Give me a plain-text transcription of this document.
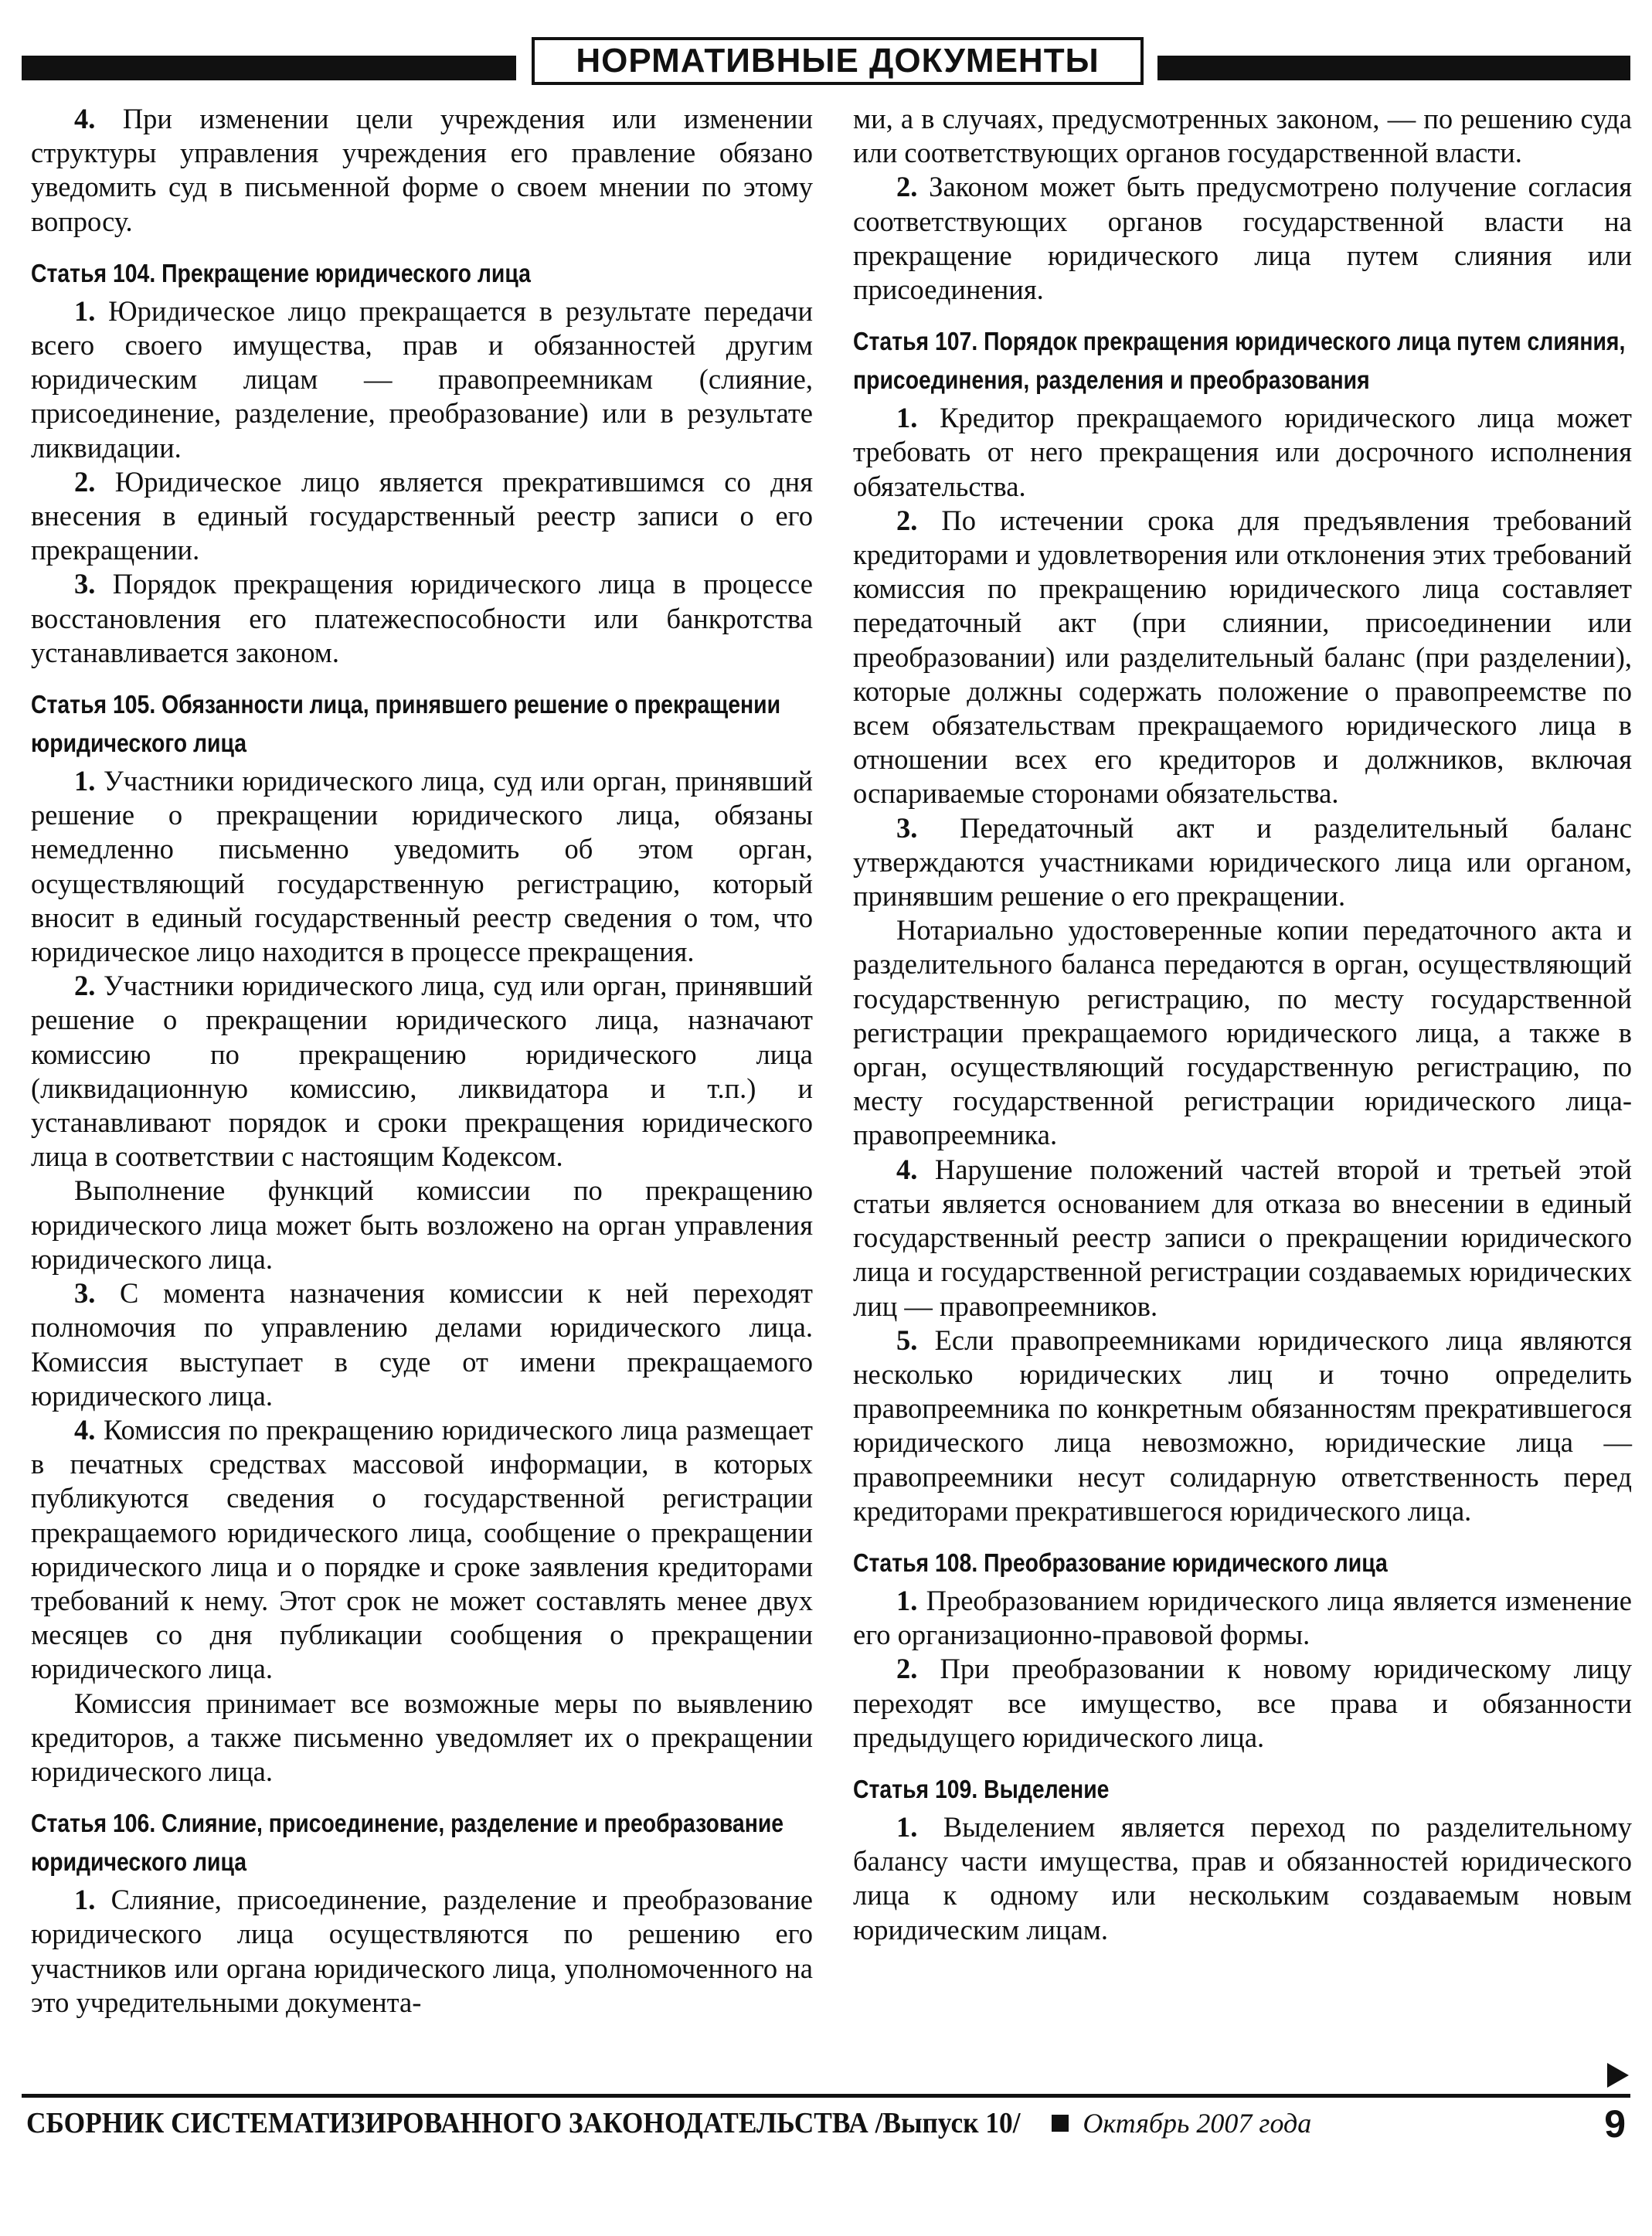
НОРМАТИВНЫЕ ДОКУМЕНТЫ

4. При изменении цели учреждения или изменении структуры управления учреждения его правление обязано уведомить суд в письменной форме о своем мнении по этому вопросу.

Статья 104. Прекращение юридического лица

1. Юридическое лицо прекращается в результате передачи всего своего имущества, прав и обязанностей другим юридическим лицам — правопреемникам (слияние, присоединение, разделение, преобразование) или в результате ликвидации.

2. Юридическое лицо является прекратившимся со дня внесения в единый государственный реестр записи о его прекращении.

3. Порядок прекращения юридического лица в процессе восстановления его платежеспособности или банкротства устанавливается законом.

Статья 105. Обязанности лица, принявшего решение о прекращении юридического лица

1. Участники юридического лица, суд или орган, принявший решение о прекращении юридического лица, обязаны немедленно письменно уведомить об этом орган, осуществляющий государственную регистрацию, который вносит в единый государственный реестр сведения о том, что юридическое лицо находится в процессе прекращения.

2. Участники юридического лица, суд или орган, принявший решение о прекращении юридического лица, назначают комиссию по прекращению юридического лица (ликвидационную комиссию, ликвидатора и т.п.) и устанавливают порядок и сроки прекращения юридического лица в соответствии с настоящим Кодексом.

Выполнение функций комиссии по прекращению юридического лица может быть возложено на орган управления юридического лица.

3. С момента назначения комиссии к ней переходят полномочия по управлению делами юридического лица. Комиссия выступает в суде от имени прекращаемого юридического лица.

4. Комиссия по прекращению юридического лица размещает в печатных средствах массовой информации, в которых публикуются сведения о государственной регистрации прекращаемого юридического лица, сообщение о прекращении юридического лица и о порядке и сроке заявления кредиторами требований к нему. Этот срок не может составлять менее двух месяцев со дня публикации сообщения о прекращении юридического лица.

Комиссия принимает все возможные меры по выявлению кредиторов, а также письменно уведомляет их о прекращении юридического лица.

Статья 106. Слияние, присоединение, разделение и преобразование юридического лица

1. Слияние, присоединение, разделение и преобразование юридического лица осуществляются по решению его участников или органа юридического лица, уполномоченного на это учредительными документа-

ми, а в случаях, предусмотренных законом, — по решению суда или соответствующих органов государственной власти.

2. Законом может быть предусмотрено получение согласия соответствующих органов государственной власти на прекращение юридического лица путем слияния или присоединения.

Статья 107. Порядок прекращения юридического лица путем слияния, присоединения, разделения и преобразования

1. Кредитор прекращаемого юридического лица может требовать от него прекращения или досрочного исполнения обязательства.

2. По истечении срока для предъявления требований кредиторами и удовлетворения или отклонения этих требований комиссия по прекращению юридического лица составляет передаточный акт (при слиянии, присоединении или преобразовании) или разделительный баланс (при разделении), которые должны содержать положение о правопреемстве по всем обязательствам прекращаемого юридического лица в отношении всех его кредиторов и должников, включая оспариваемые сторонами обязательства.

3. Передаточный акт и разделительный баланс утверждаются участниками юридического лица или органом, принявшим решение о его прекращении.

Нотариально удостоверенные копии передаточного акта и разделительного баланса передаются в орган, осуществляющий государственную регистрацию, по месту государственной регистрации прекращаемого юридического лица, а также в орган, осуществляющий государственную регистрацию, по месту государственной регистрации юридического лица-правопреемника.

4. Нарушение положений частей второй и третьей этой статьи является основанием для отказа во внесении в единый государственный реестр записи о прекращении юридического лица и государственной регистрации создаваемых юридических лиц — правопреемников.

5. Если правопреемниками юридического лица являются несколько юридических лиц и точно определить правопреемника по конкретным обязанностям прекратившегося юридического лица невозможно, юридические лица — правопреемники несут солидарную ответственность перед кредиторами прекратившегося юридического лица.

Статья 108. Преобразование юридического лица

1. Преобразованием юридического лица является изменение его организационно-правовой формы.

2. При преобразовании к новому юридическому лицу переходят все имущество, все права и обязанности предыдущего юридического лица.

Статья 109. Выделение

1. Выделением является переход по разделительному балансу части имущества, прав и обязанностей юридического лица к одному или нескольким создаваемым новым юридическим лицам.

СБОРНИК СИСТЕМАТИЗИРОВАННОГО ЗАКОНОДАТЕЛЬСТВА /Выпуск 10/ Октябрь 2007 года	9
